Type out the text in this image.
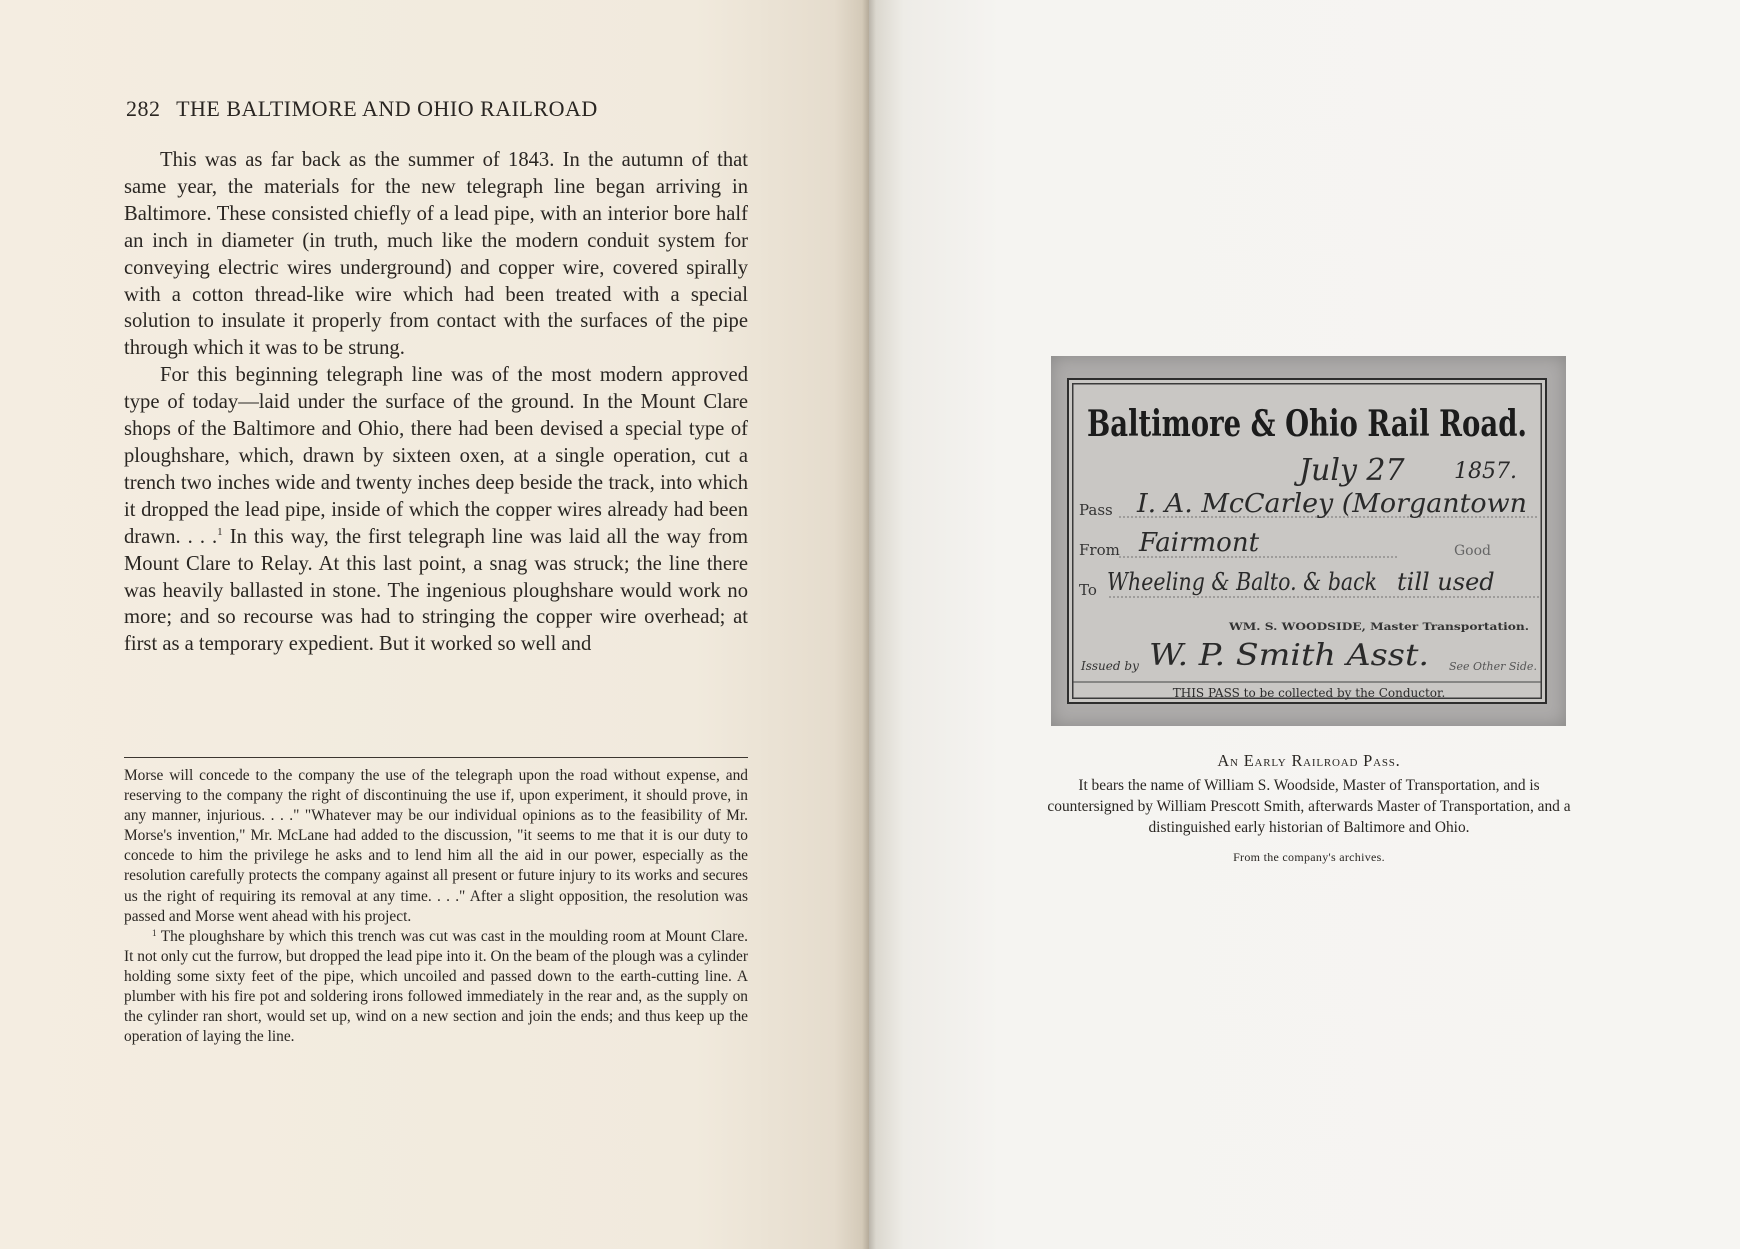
282 THE BALTIMORE AND OHIO RAILROAD

This was as far back as the summer of 1843. In the autumn of that same year, the materials for the new telegraph line began arriving in Baltimore. These consisted chiefly of a lead pipe, with an interior bore half an inch in diameter (in truth, much like the modern conduit system for conveying electric wires underground) and copper wire, covered spirally with a cotton thread-like wire which had been treated with a special solution to insulate it properly from contact with the surfaces of the pipe through which it was to be strung.

For this beginning telegraph line was of the most modern approved type of today—laid under the surface of the ground. In the Mount Clare shops of the Baltimore and Ohio, there had been devised a special type of ploughshare, which, drawn by sixteen oxen, at a single operation, cut a trench two inches wide and twenty inches deep beside the track, into which it dropped the lead pipe, inside of which the copper wires already had been drawn. . . .$^1$ In this way, the first telegraph line was laid all the way from Mount Clare to Relay. At this last point, a snag was struck; the line there was heavily ballasted in stone. The ingenious ploughshare would work no more; and so recourse was had to stringing the copper wire overhead; at first as a temporary expedient. But it worked so well and

Morse will concede to the company the use of the telegraph upon the road without expense, and reserving to the company the right of discontinuing the use if, upon experiment, it should prove, in any manner, injurious. . . ." "Whatever may be our individual opinions as to the feasibility of Mr. Morse's invention," Mr. McLane had added to the discussion, "it seems to me that it is our duty to concede to him the privilege he asks and to lend him all the aid in our power, especially as the resolution carefully protects the company against all present or future injury to its works and secures us the right of requiring its removal at any time. . . ." After a slight opposition, the resolution was passed and Morse went ahead with his project.

$^1$ The ploughshare by which this trench was cut was cast in the moulding room at Mount Clare. It not only cut the furrow, but dropped the lead pipe into it. On the beam of the plough was a cylinder holding some sixty feet of the pipe, which uncoiled and passed down to the earth-cutting line. A plumber with his fire pot and soldering irons followed immediately in the rear and, as the supply on the cylinder ran short, would set up, wind on a new section and join the ends; and thus keep up the operation of laying the line.

Baltimore & Ohio Rail Road.
July 27 1857.
Pass I. A. McCarley (Morgantown
From Fairmont	Good
To Wheeling & Balto. & back till used
WM. S. WOODSIDE, Master Transportation.
Issued by W. P. Smith Asst. See Other Side.
THIS PASS to be collected by the Conductor.
An Early Railroad Pass.

It bears the name of William S. Woodside, Master of Transportation, and is countersigned by William Prescott Smith, afterwards Master of Transportation, and a distinguished early historian of Baltimore and Ohio.

From the company's archives.
